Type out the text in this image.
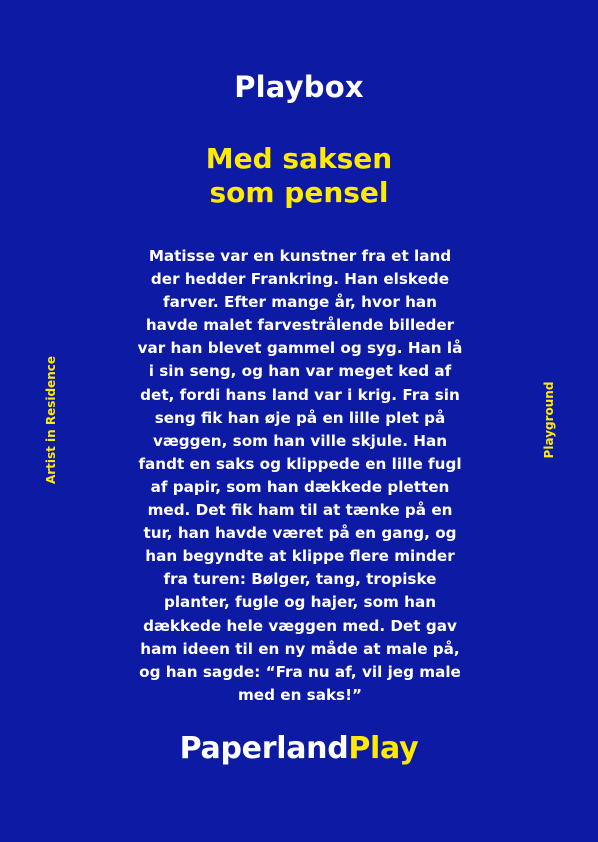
Playbox
Med saksen
som pensel
Matisse var en kunstner fra et land
der hedder Frankring. Han elskede
farver. Efter mange år, hvor han
havde malet farvestrålende billeder
var han blevet gammel og syg. Han lå
i sin seng, og han var meget ked af
det, fordi hans land var i krig. Fra sin
seng fik han øje på en lille plet på
væggen, som han ville skjule. Han
fandt en saks og klippede en lille fugl
af papir, som han dækkede pletten
med. Det fik ham til at tænke på en
tur, han havde været på en gang, og
han begyndte at klippe flere minder
fra turen: Bølger, tang, tropiske
planter, fugle og hajer, som han
dækkede hele væggen med. Det gav
ham ideen til en ny måde at male på,
og han sagde: “Fra nu af, vil jeg male
med en saks!”
Artist in Residence	Playground
PaperlandPlay
